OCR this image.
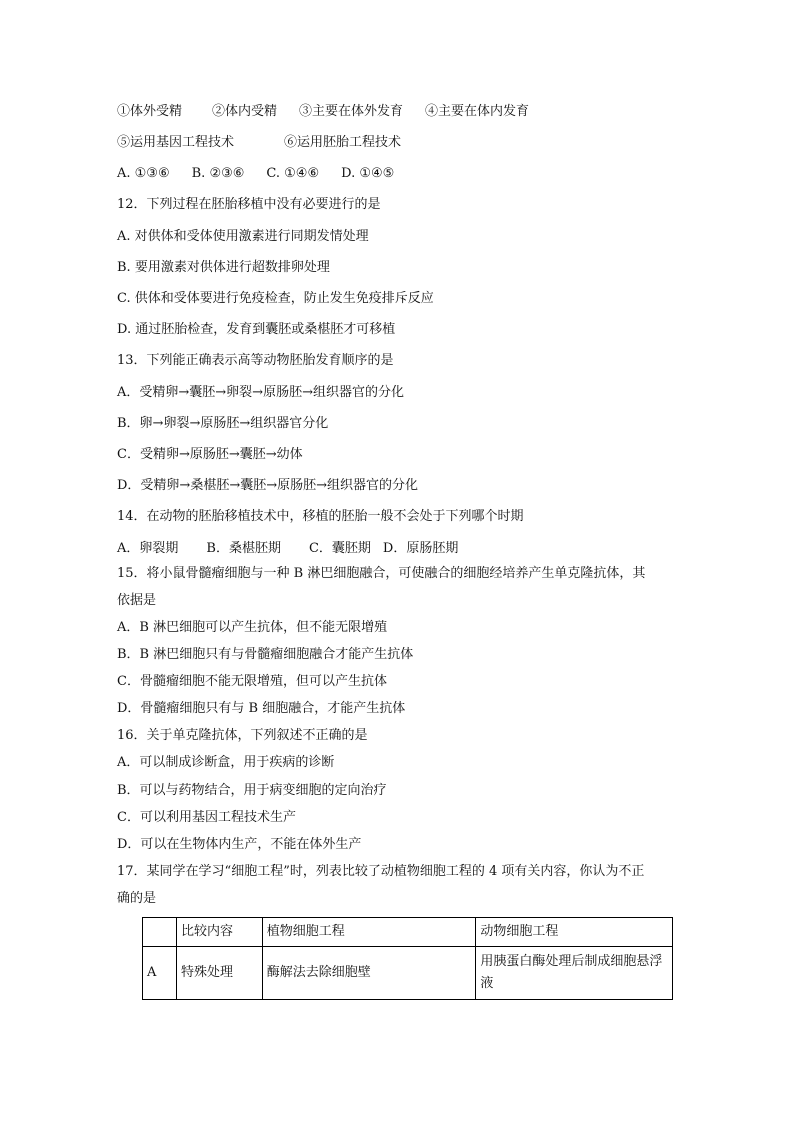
①体外受精 ②体内受精 ③主要在体外发育 ④主要在体内发育
⑤运用基因工程技术	⑥运用胚胎工程技术
A. ①③⑥ B. ②③⑥ C. ①④⑥ D. ①④⑤
12．下列过程在胚胎移植中没有必要进行的是
A. 对供体和受体使用激素进行同期发情处理
B. 要用激素对供体进行超数排卵处理
C. 供体和受体要进行免疫检查，防止发生免疫排斥反应
D. 通过胚胎检查，发育到囊胚或桑椹胚才可移植
13．下列能正确表示高等动物胚胎发育顺序的是
A．受精卵→囊胚→卵裂→原肠胚→组织器官的分化
B．卵→卵裂→原肠胚→组织器官分化
C．受精卵→原肠胚→囊胚→幼体
D．受精卵→桑椹胚→囊胚→原肠胚→组织器官的分化
14．在动物的胚胎移植技术中，移植的胚胎一般不会处于下列哪个时期
A．卵裂期 B．桑椹胚期 C．囊胚期 D．原肠胚期
15．将小鼠骨髓瘤细胞与一种 B 淋巴细胞融合，可使融合的细胞经培养产生单克隆抗体，其
依据是
A．B 淋巴细胞可以产生抗体，但不能无限增殖
B．B 淋巴细胞只有与骨髓瘤细胞融合才能产生抗体
C．骨髓瘤细胞不能无限增殖，但可以产生抗体
D．骨髓瘤细胞只有与 B 细胞融合，才能产生抗体
16．关于单克隆抗体，下列叙述不正确的是
A．可以制成诊断盒，用于疾病的诊断
B．可以与药物结合，用于病变细胞的定向治疗
C．可以利用基因工程技术生产
D．可以在生物体内生产，不能在体外生产
17．某同学在学习“细胞工程”时，列表比较了动植物细胞工程的 4 项有关内容，你认为不正
确的是
	比较内容	植物细胞工程	动物细胞工程
A	特殊处理	酶解法去除细胞壁	用胰蛋白酶处理后制成细胞悬浮液
